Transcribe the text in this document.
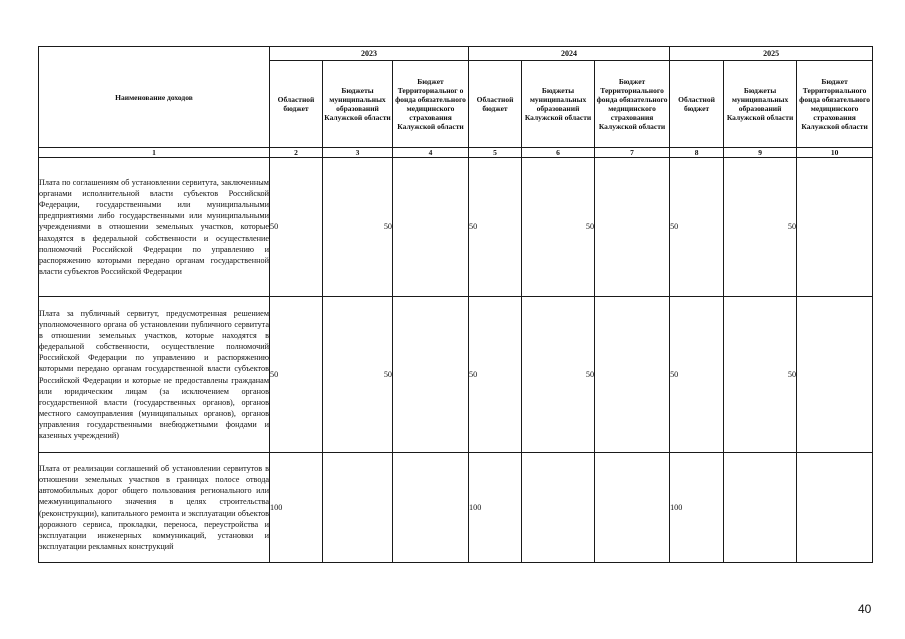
Наименование доходов	2023			2024			2025		
	Областной бюджет	Бюджеты муниципальных образований Калужской области	Бюджет Территориальног о фонда обязательного медицинского страхования Калужской области	Областной бюджет	Бюджеты муниципальных образований Калужской области	Бюджет Территориального фонда обязательного медицинского страхования Калужской области	Областной бюджет	Бюджеты муниципальных образований Калужской области	Бюджет Территориального фонда обязательного медицинского страхования Калужской области
1	2	3	4	5	6	7	8	9	10
Плата по соглашениям об установлении сервитута, заключенным органами исполнительной власти субъектов Российской Федерации, государственными или муниципальными предприятиями либо государственными или муниципальными учреждениями в отношении земельных участков, которые находятся в федеральной собственности и осуществление полномочий Российской Федерации по управлению и распоряжению которыми передано органам государственной власти субъектов Российской Федерации	50	50		50	50		50	50	
Плата за публичный сервитут, предусмотренная решением уполномоченного органа об установлении публичного сервитута в отношении земельных участков, которые находятся в федеральной собственности, осуществление полномочий Российской Федерации по управлению и распоряжению которыми передано органам государственной власти субъектов Российской Федерации и которые не предоставлены гражданам или юридическим лицам (за исключением органов государственной власти (государственных органов), органов местного самоуправления (муниципальных органов), органов управления государственными внебюджетными фондами и казенных учреждений)	50	50		50	50		50	50	
Плата от реализации соглашений об установлении сервитутов в отношении земельных участков в границах полосе отвода автомобильных дорог общего пользования регионального или межмуниципального значения в целях строительства (реконструкции), капитального ремонта и эксплуатации объектов дорожного сервиса, прокладки, переноса, переустройства и эксплуатации инженерных коммуникаций, установки и эксплуатации рекламных конструкций	100			100			100		
40
